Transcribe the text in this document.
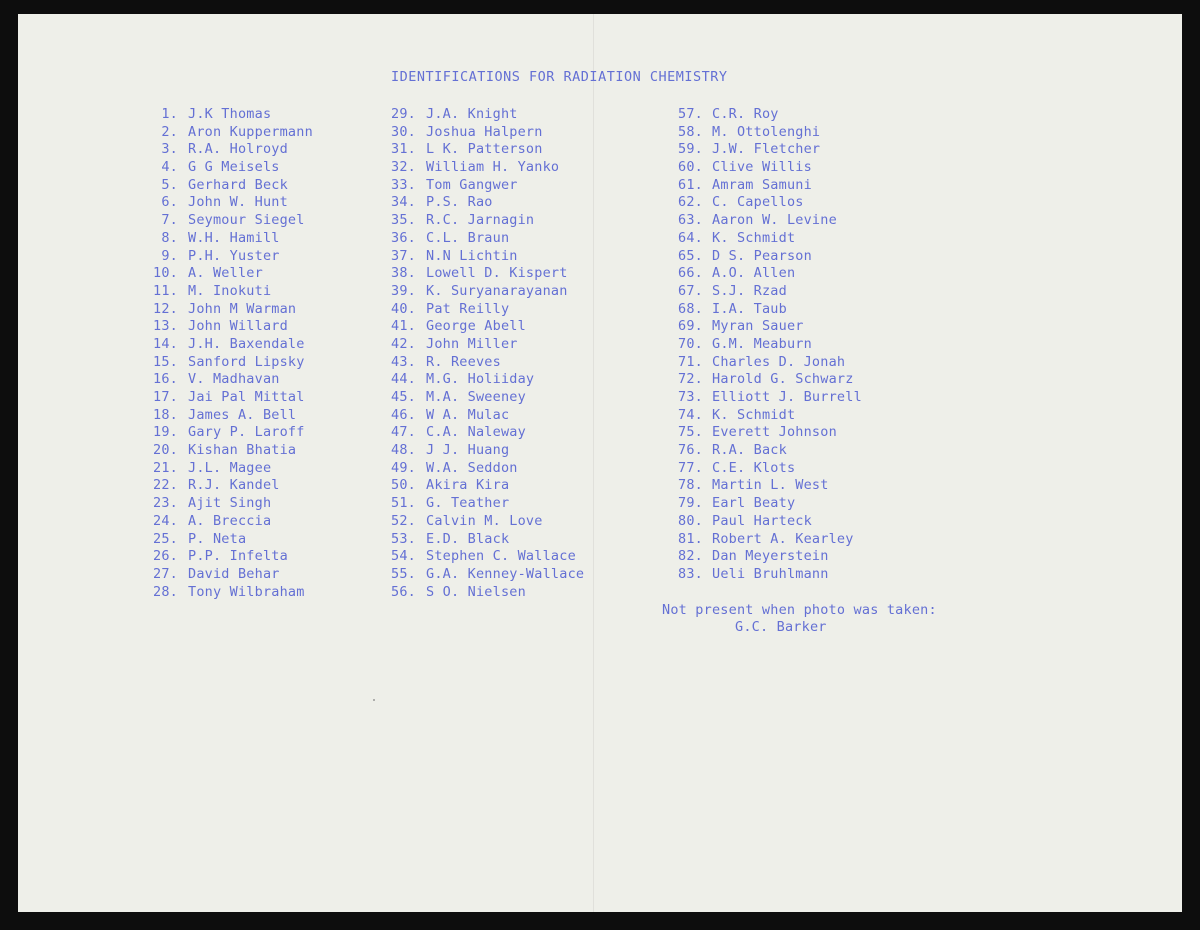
IDENTIFICATIONS FOR RADIATION CHEMISTRY
1. J.K Thomas
2. Aron Kuppermann
3. R.A. Holroyd
4. G G Meisels
5. Gerhard Beck
6. John W. Hunt
7. Seymour Siegel
8. W.H. Hamill
9. P.H. Yuster
10. A. Weller
11. M. Inokuti
12. John M Warman
13. John Willard
14. J.H. Baxendale
15. Sanford Lipsky
16. V. Madhavan
17. Jai Pal Mittal
18. James A. Bell
19. Gary P. Laroff
20. Kishan Bhatia
21. J.L. Magee
22. R.J. Kandel
23. Ajit Singh
24. A. Breccia
25. P. Neta
26. P.P. Infelta
27. David Behar
28. Tony Wilbraham
29. J.A. Knight
30. Joshua Halpern
31. L K. Patterson
32. William H. Yanko
33. Tom Gangwer
34. P.S. Rao
35. R.C. Jarnagin
36. C.L. Braun
37. N.N Lichtin
38. Lowell D. Kispert
39. K. Suryanarayanan
40. Pat Reilly
41. George Abell
42. John Miller
43. R. Reeves
44. M.G. Holiiday
45. M.A. Sweeney
46. W A. Mulac
47. C.A. Naleway
48. J J. Huang
49. W.A. Seddon
50. Akira Kira
51. G. Teather
52. Calvin M. Love
53. E.D. Black
54. Stephen C. Wallace
55. G.A. Kenney-Wallace
56. S O. Nielsen
57. C.R. Roy
58. M. Ottolenghi
59. J.W. Fletcher
60. Clive Willis
61. Amram Samuni
62. C. Capellos
63. Aaron W. Levine
64. K. Schmidt
65. D S. Pearson
66. A.O. Allen
67. S.J. Rzad
68. I.A. Taub
69. Myran Sauer
70. G.M. Meaburn
71. Charles D. Jonah
72. Harold G. Schwarz
73. Elliott J. Burrell
74. K. Schmidt
75. Everett Johnson
76. R.A. Back
77. C.E. Klots
78. Martin L. West
79. Earl Beaty
80. Paul Harteck
81. Robert A. Kearley
82. Dan Meyerstein
83. Ueli Bruhlmann
Not present when photo was taken:
G.C. Barker
